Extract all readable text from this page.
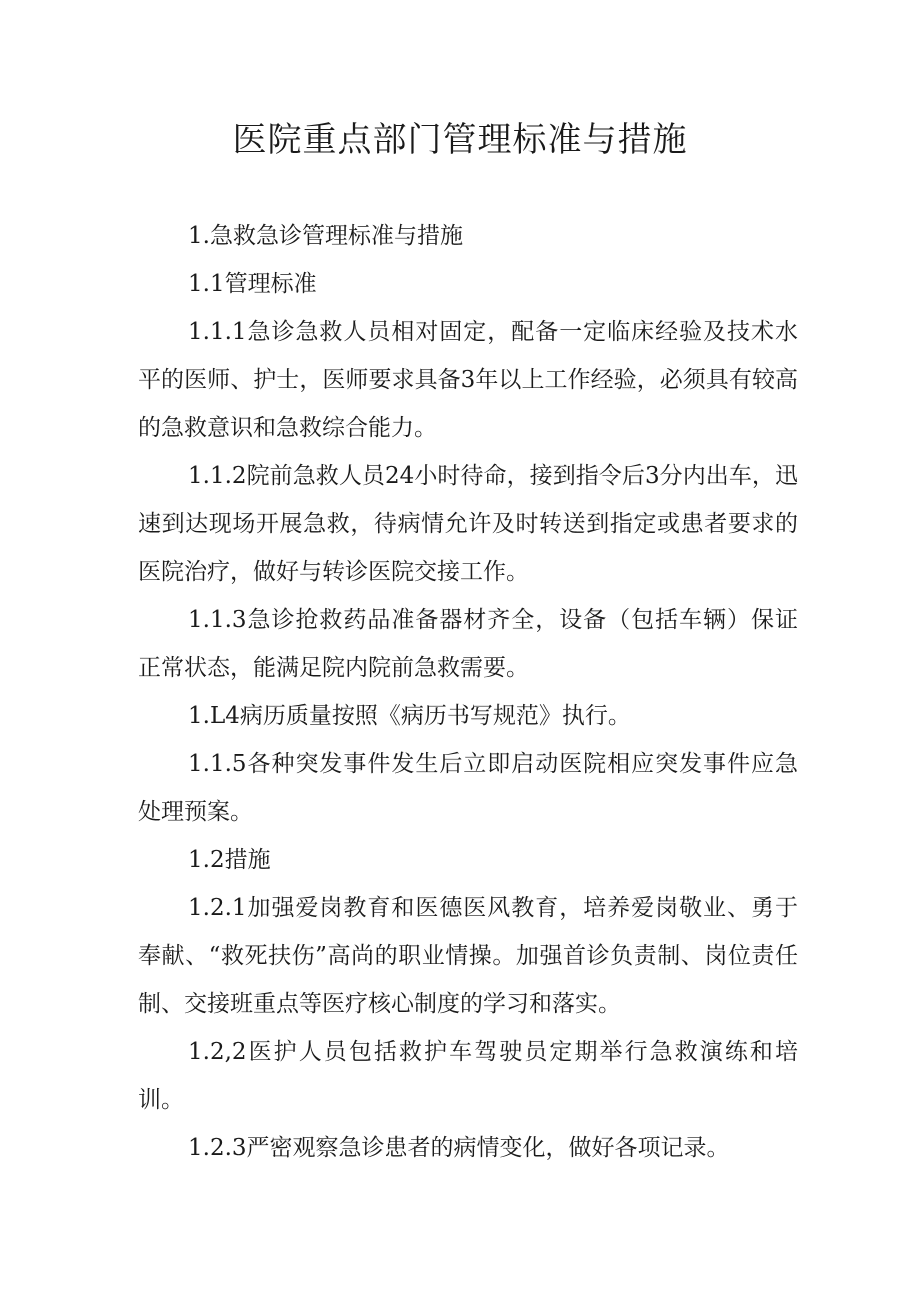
医院重点部门管理标准与措施

1.急救急诊管理标准与措施

1.1管理标准

1.1.1急诊急救人员相对固定，配备一定临床经验及技术水平的医师、护士，医师要求具备3年以上工作经验，必须具有较高的急救意识和急救综合能力。

1.1.2院前急救人员24小时待命，接到指令后3分内出车，迅速到达现场开展急救，待病情允许及时转送到指定或患者要求的医院治疗，做好与转诊医院交接工作。

1.1.3急诊抢救药品准备器材齐全，设备（包括车辆）保证正常状态，能满足院内院前急救需要。

1.L4病历质量按照《病历书写规范》执行。

1.1.5各种突发事件发生后立即启动医院相应突发事件应急处理预案。

1.2措施

1.2.1加强爱岗教育和医德医风教育，培养爱岗敬业、勇于奉献、“救死扶伤”高尚的职业情操。加强首诊负责制、岗位责任制、交接班重点等医疗核心制度的学习和落实。

1.2,2医护人员包括救护车驾驶员定期举行急救演练和培训。

1.2.3严密观察急诊患者的病情变化，做好各项记录。
